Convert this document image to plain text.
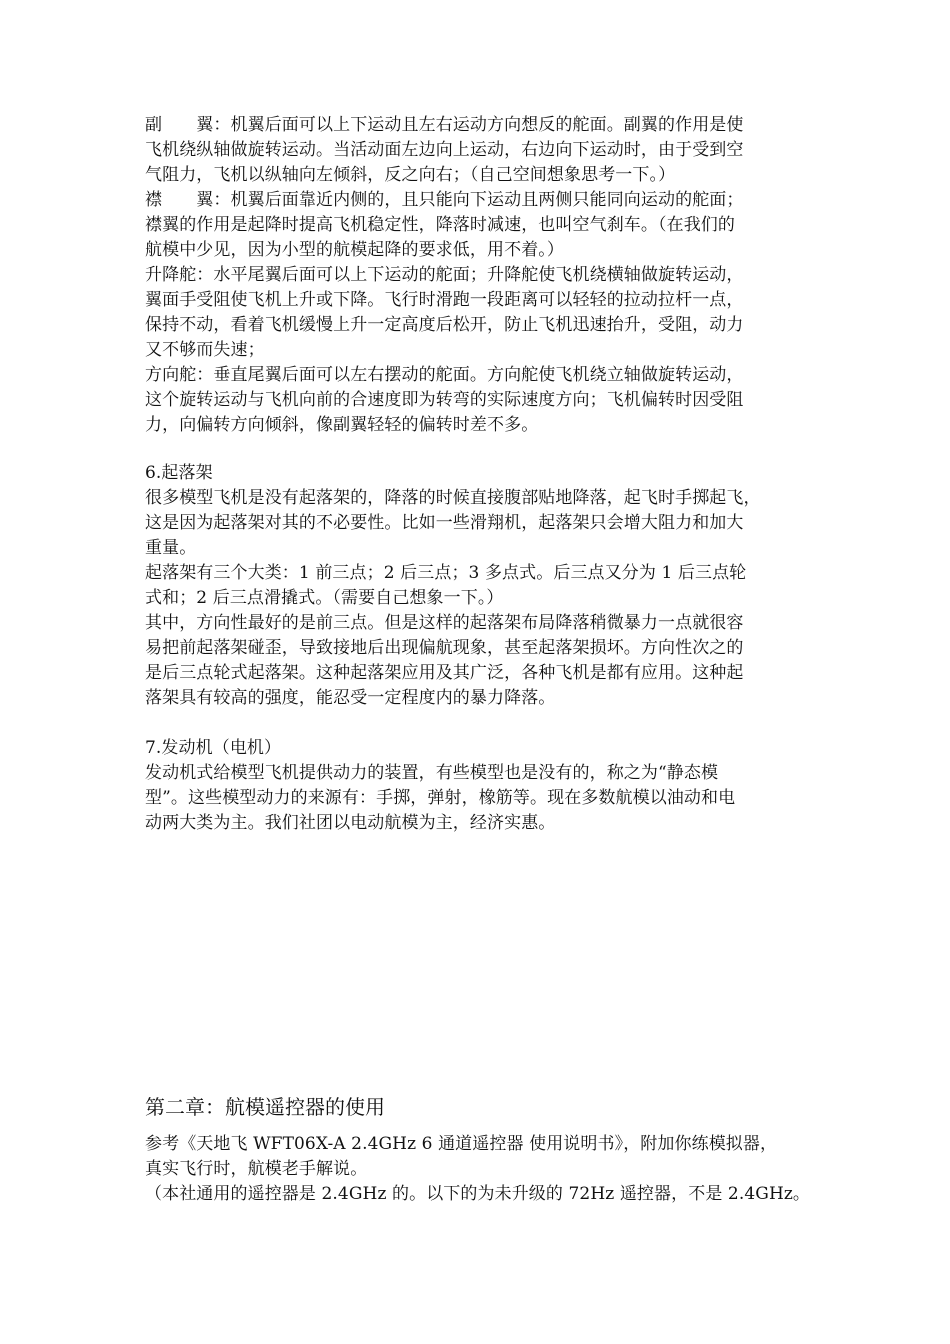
副　　翼：机翼后面可以上下运动且左右运动方向想反的舵面。副翼的作用是使
飞机绕纵轴做旋转运动。当活动面左边向上运动，右边向下运动时，由于受到空
气阻力，飞机以纵轴向左倾斜，反之向右；（自己空间想象思考一下。）
襟　　翼：机翼后面靠近内侧的，且只能向下运动且两侧只能同向运动的舵面；
襟翼的作用是起降时提高飞机稳定性，降落时减速，也叫空气刹车。（在我们的
航模中少见，因为小型的航模起降的要求低，用不着。）
升降舵：水平尾翼后面可以上下运动的舵面；升降舵使飞机绕横轴做旋转运动，
翼面手受阻使飞机上升或下降。飞行时滑跑一段距离可以轻轻的拉动拉杆一点，
保持不动，看着飞机缓慢上升一定高度后松开，防止飞机迅速抬升，受阻，动力
又不够而失速；
方向舵：垂直尾翼后面可以左右摆动的舵面。方向舵使飞机绕立轴做旋转运动，
这个旋转运动与飞机向前的合速度即为转弯的实际速度方向；飞机偏转时因受阻
力，向偏转方向倾斜，像副翼轻轻的偏转时差不多。
6.起落架
很多模型飞机是没有起落架的，降落的时候直接腹部贴地降落，起飞时手掷起飞，
这是因为起落架对其的不必要性。比如一些滑翔机，起落架只会增大阻力和加大
重量。
起落架有三个大类：1 前三点；2 后三点；3 多点式。后三点又分为 1 后三点轮
式和；2 后三点滑撬式。（需要自己想象一下。）
其中，方向性最好的是前三点。但是这样的起落架布局降落稍微暴力一点就很容
易把前起落架碰歪，导致接地后出现偏航现象，甚至起落架损坏。方向性次之的
是后三点轮式起落架。这种起落架应用及其广泛，各种飞机是都有应用。这种起
落架具有较高的强度，能忍受一定程度内的暴力降落。
7.发动机（电机）
发动机式给模型飞机提供动力的装置，有些模型也是没有的，称之为“静态模
型”。这些模型动力的来源有：手掷，弹射，橡筋等。现在多数航模以油动和电
动两大类为主。我们社团以电动航模为主，经济实惠。
第二章：航模遥控器的使用
参考《天地飞 WFT06X-A 2.4GHz 6 通道遥控器 使用说明书》，附加你练模拟器，
真实飞行时，航模老手解说。
（本社通用的遥控器是 2.4GHz 的。以下的为未升级的 72Hz 遥控器，不是 2.4GHz。
